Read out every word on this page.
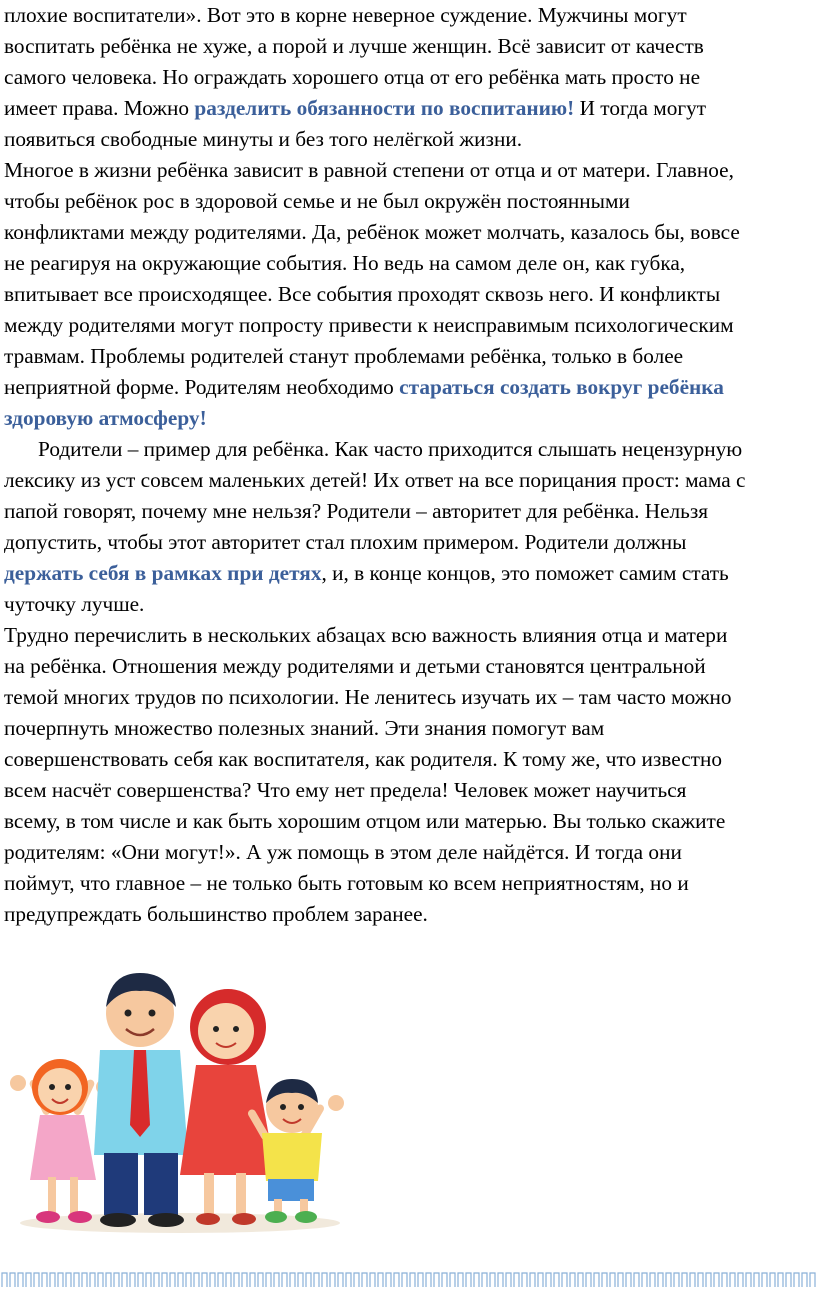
плохие воспитатели». Вот это в корне неверное суждение. Мужчины могут
воспитать ребёнка не хуже, а порой и лучше женщин. Всё зависит от качеств
самого человека. Но ограждать хорошего отца от его ребёнка мать просто не
имеет права. Можно разделить обязанности по воспитанию! И тогда могут
появиться свободные минуты и без того нелёгкой жизни.
Многое в жизни ребёнка зависит в равной степени от отца и от матери. Главное,
чтобы ребёнок рос в здоровой семье и не был окружён постоянными
конфликтами между родителями. Да, ребёнок может молчать, казалось бы, вовсе
не реагируя на окружающие события. Но ведь на самом деле он, как губка,
впитывает все происходящее. Все события проходят сквозь него. И конфликты
между родителями могут попросту привести к неисправимым психологическим
травмам. Проблемы родителей станут проблемами ребёнка, только в более
неприятной форме. Родителям необходимо стараться создать вокруг ребёнка
здоровую атмосферу!
Родители – пример для ребёнка. Как часто приходится слышать нецензурную
лексику из уст совсем маленьких детей! Их ответ на все порицания прост: мама с
папой говорят, почему мне нельзя? Родители – авторитет для ребёнка. Нельзя
допустить, чтобы этот авторитет стал плохим примером. Родители должны
держать себя в рамках при детях, и, в конце концов, это поможет самим стать
чуточку лучше.
Трудно перечислить в нескольких абзацах всю важность влияния отца и матери
на ребёнка. Отношения между родителями и детьми становятся центральной
темой многих трудов по психологии. Не ленитесь изучать их – там часто можно
почерпнуть множество полезных знаний. Эти знания помогут вам
совершенствовать себя как воспитателя, как родителя. К тому же, что известно
всем насчёт совершенства? Что ему нет предела! Человек может научиться
всему, в том числе и как быть хорошим отцом или матерью. Вы только скажите
родителям: «Они могут!». А уж помощь в этом деле найдётся. И тогда они
поймут, что главное – не только быть готовым ко всем неприятностям, но и
предупреждать большинство проблем заранее.
